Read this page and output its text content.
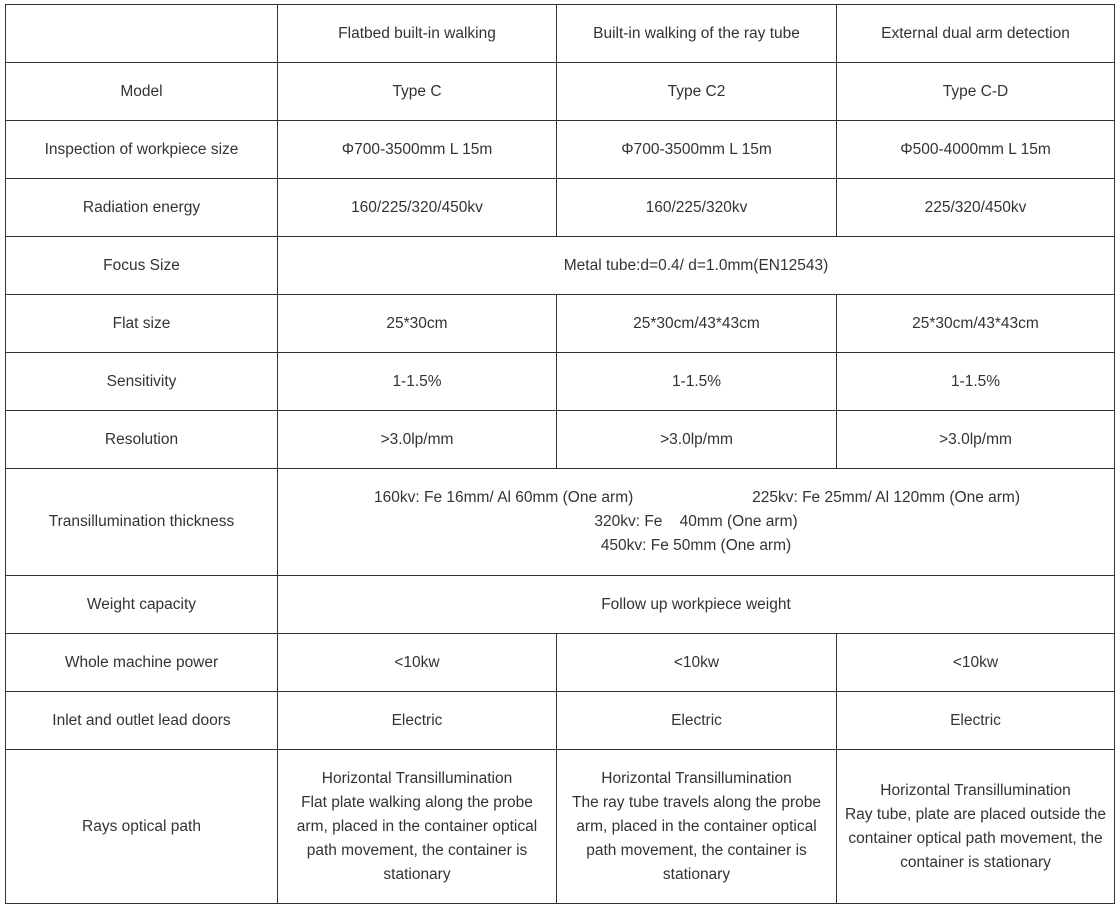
	Flatbed built-in walking	Built-in walking of the ray tube	External dual arm detection
Model	Type C	Type C2	Type C-D
Inspection of workpiece size	Φ700-3500mm L 15m	Φ700-3500mm L 15m	Φ500-4000mm L 15m
Radiation energy	160/225/320/450kv	160/225/320kv	225/320/450kv
Focus Size	Metal tube:d=0.4/ d=1.0mm(EN12543)		
Flat size	25*30cm	25*30cm/43*43cm	25*30cm/43*43cm
Sensitivity	1-1.5%	1-1.5%	1-1.5%
Resolution	>3.0lp/mm	>3.0lp/mm	>3.0lp/mm
Transillumination thickness	160kv: Fe 16mm/ Al 60mm (One arm) 225kv: Fe 25mm/ Al 120mm (One arm)
320kv: Fe    40mm (One arm)
450kv: Fe 50mm (One arm)		

Weight capacity	Follow up workpiece weight		
Whole machine power	<10kw	<10kw	<10kw
Inlet and outlet lead doors	Electric	Electric	Electric
Rays optical path	Horizontal Transillumination
Flat plate walking along the probe
arm, placed in the container optical
path movement, the container is
stationary	Horizontal Transillumination
The ray tube travels along the probe
arm, placed in the container optical
path movement, the container is
stationary	Horizontal Transillumination
Ray tube, plate are placed outside the
container optical path movement, the
container is stationary
